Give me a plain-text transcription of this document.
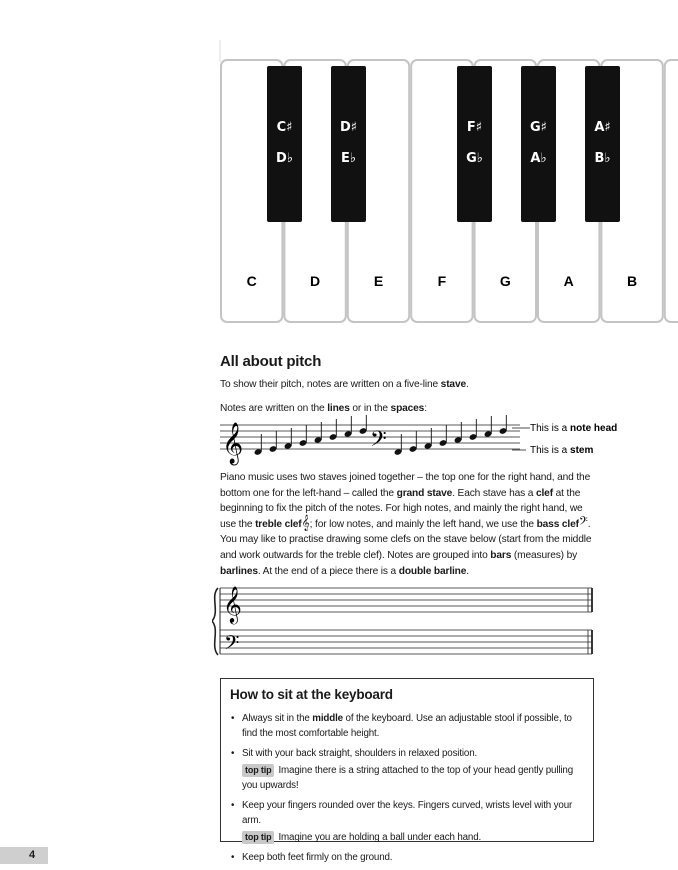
C	D	E	F	G	A	B
C♯
D♭
D♯
E♭
F♯
G♭
G♯
A♭
A♯
B♭
All about pitch

To show their pitch, notes are written on a five-line stave.

Notes are written on the lines or in the spaces:

𝄞	𝄢	This is a note head
This is a stem

Piano music uses two staves joined together – the top one for the right hand, and the bottom one for the left-hand – called the grand stave. Each stave has a clef at the beginning to fix the pitch of the notes. For high notes, and mainly the right hand, we use the treble clef𝄞; for low notes, and mainly the left hand, we use the bass clef𝄢. You may like to practise drawing some clefs on the stave below (start from the middle and work outwards for the treble clef). Notes are grouped into bars (measures) by barlines. At the end of a piece there is a double barline.

𝄞
𝄢
How to sit at the keyboard
• Always sit in the middle of the keyboard. Use an adjustable stool if possible, to find the most comfortable height.
• Sit with your back straight, shoulders in relaxed position.
top tip Imagine there is a string attached to the top of your head gently pulling you upwards!
• Keep your fingers rounded over the keys. Fingers curved, wrists level with your arm.
top tip Imagine you are holding a ball under each hand.
• Keep both feet firmly on the ground.
4
